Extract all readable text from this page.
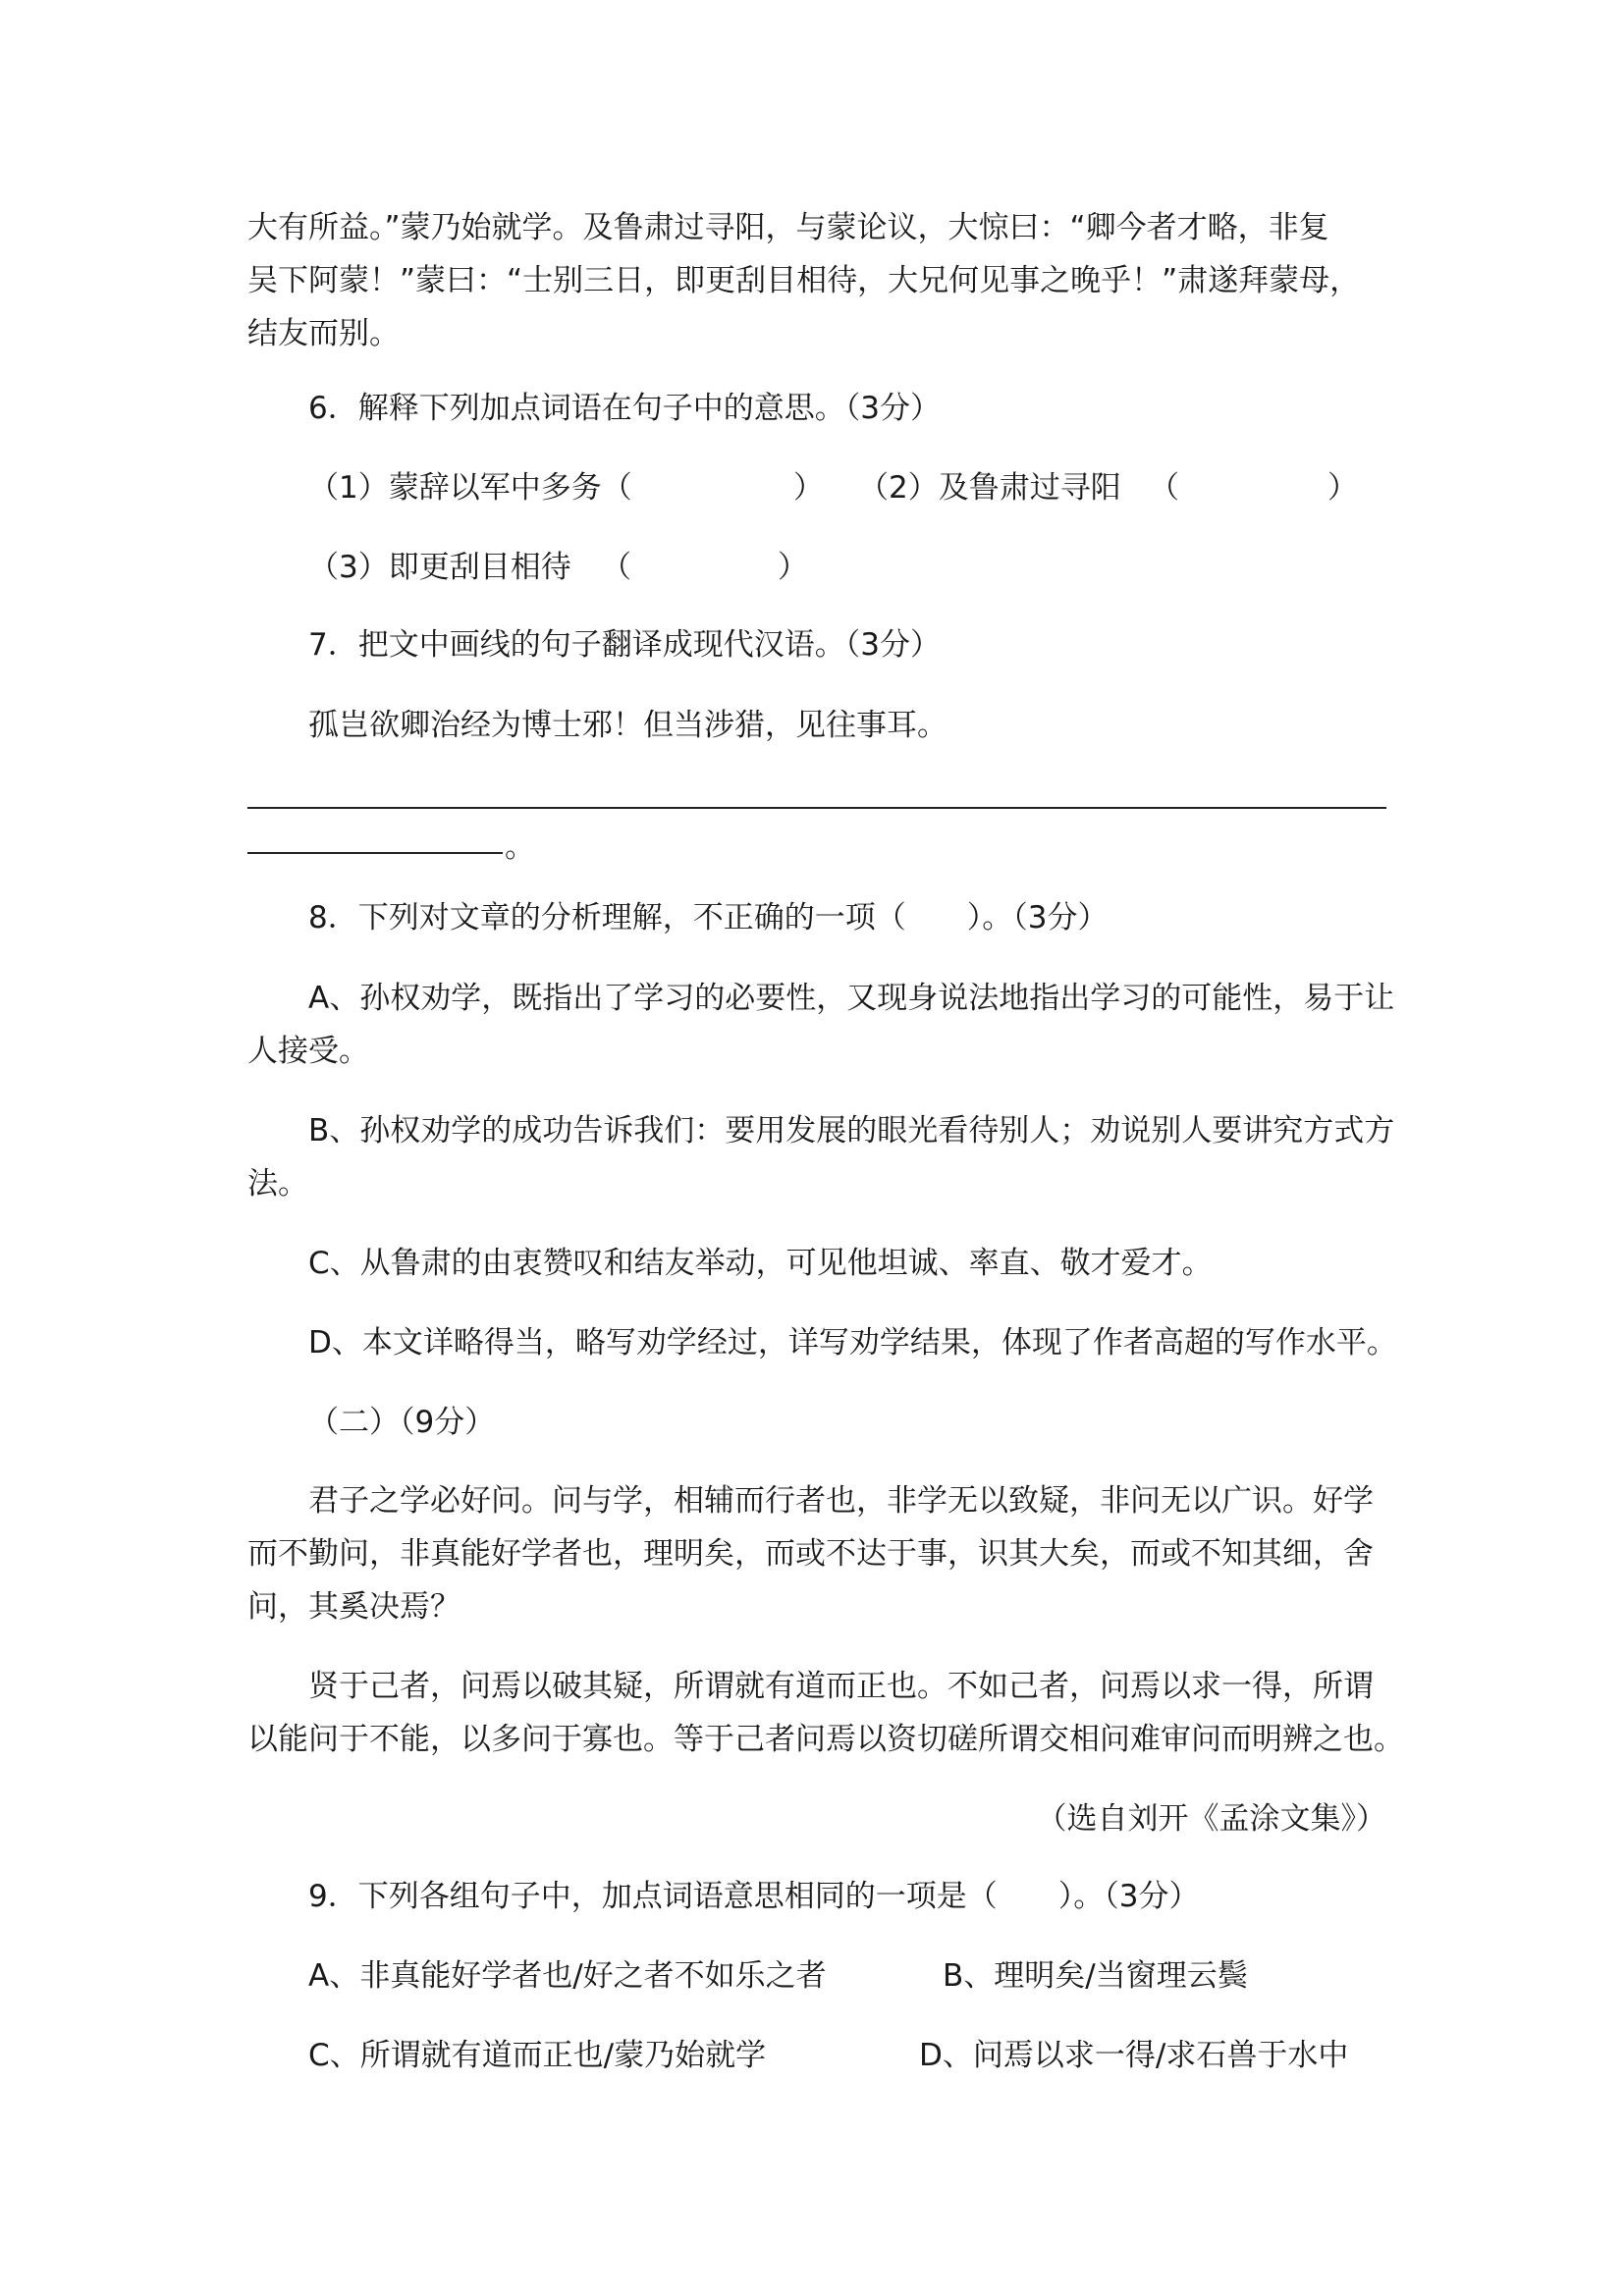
大有所益。”蒙乃始就学。及鲁肃过寻阳，与蒙论议，大惊曰：“卿今者才略，非复
吴下阿蒙！”蒙曰：“士别三日，即更刮目相待，大兄何见事之晚乎！”肃遂拜蒙母，
结友而别。
6．解释下列加点词语在句子中的意思。（3分）
（1）蒙辞以军中多务（	） （2）及鲁肃过寻阳 （	）
（3）即更刮目相待 （	）
7．把文中画线的句子翻译成现代汉语。（3分）
孤岂欲卿治经为博士邪！但当涉猎，见往事耳。
。
8．下列对文章的分析理解，不正确的一项（　　）。（3分）
A、孙权劝学，既指出了学习的必要性，又现身说法地指出学习的可能性，易于让
人接受。
B、孙权劝学的成功告诉我们：要用发展的眼光看待别人；劝说别人要讲究方式方
法。
C、从鲁肃的由衷赞叹和结友举动，可见他坦诚、率直、敬才爱才。
D、本文详略得当，略写劝学经过，详写劝学结果，体现了作者高超的写作水平。
（二）（9分）
君子之学必好问。问与学，相辅而行者也，非学无以致疑，非问无以广识。好学
而不勤问，非真能好学者也，理明矣，而或不达于事，识其大矣，而或不知其细，舍
问，其奚决焉？
贤于己者，问焉以破其疑，所谓就有道而正也。不如己者，问焉以求一得，所谓
以能问于不能，以多问于寡也。等于己者问焉以资切磋所谓交相问难审问而明辨之也。
（选自刘开《孟涂文集》）
9．下列各组句子中，加点词语意思相同的一项是（　　）。（3分）
A、非真能好学者也/好之者不如乐之者	B、理明矣/当窗理云鬓
C、所谓就有道而正也/蒙乃始就学	D、问焉以求一得/求石兽于水中
